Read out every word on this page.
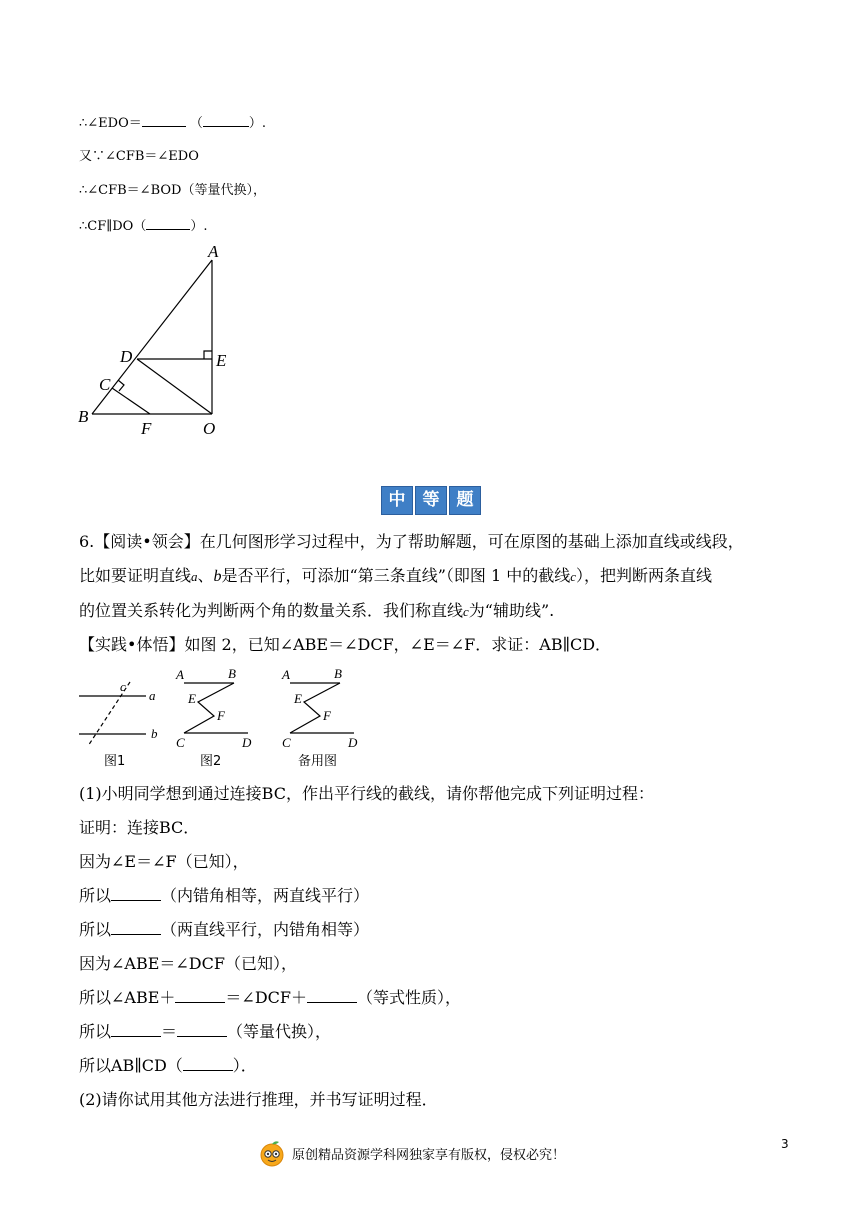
∴∠EDO＝	（	）.
又∵∠CFB＝∠EDO
∴∠CFB＝∠BOD（等量代换），
∴CF∥DO（	）.
A
D	E
C
B
F	O
中	等	题
6.【阅读•领会】在几何图形学习过程中，为了帮助解题，可在原图的基础上添加直线或线段，
比如要证明直线a、b是否平行，可添加“第三条直线”（即图 1 中的截线c），把判断两条直线
的位置关系转化为判断两个角的数量关系．我们称直线c为“辅助线”.
【实践•体悟】如图 2，已知∠ABE＝∠DCF，∠E＝∠F．求证：AB∥CD．
c
a
b
图1
A	B
E
F
C	D
图2
A	B
E
F
C	D
备用图
(1)小明同学想到通过连接BC，作出平行线的截线，请你帮他完成下列证明过程：
证明：连接BC．
因为∠E＝∠F（已知），
所以	（内错角相等，两直线平行）
所以	（两直线平行，内错角相等）
因为∠ABE＝∠DCF（已知），
所以∠ABE＋	＝∠DCF＋	（等式性质），
所以	＝	（等量代换），
所以AB∥CD（	）．
(2)请你试用其他方法进行推理，并书写证明过程．
原创精品资源学科网独家享有版权，侵权必究！
3
